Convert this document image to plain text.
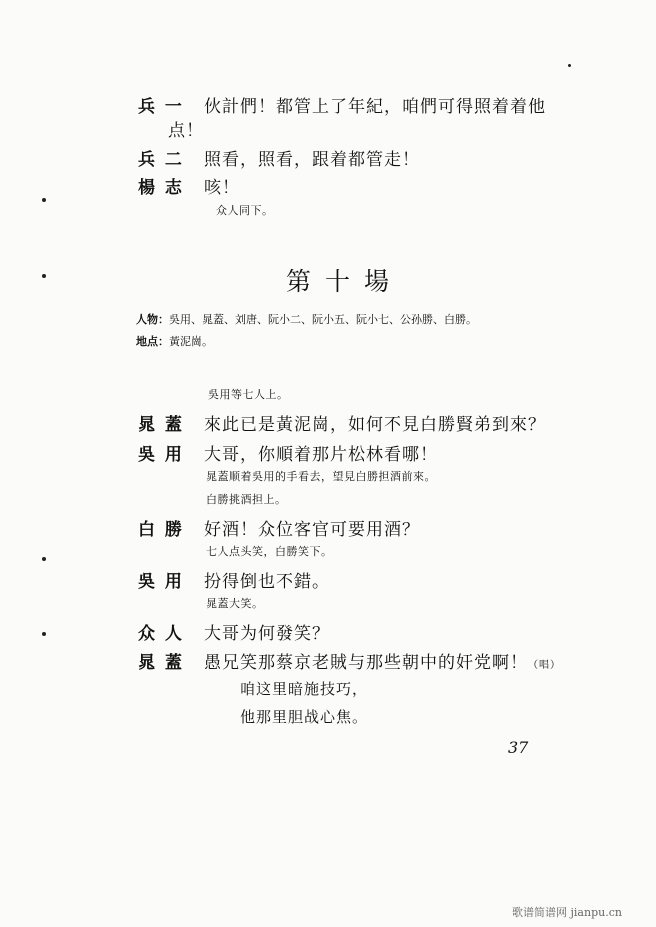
兵 一 伙計們！都管上了年紀，咱們可得照着着他
点！
兵 二 照看，照看，跟着都管走！
楊 志 咳！
众人同下。
第十場
人物：吳用、晁蓋、刘唐、阮小二、阮小五、阮小七、公孙勝、白勝。
地点：黃泥崗。
吳用等七人上。
晁 蓋 來此已是黃泥崗，如何不見白勝賢弟到來？
吳 用 大哥，你順着那片松林看哪！
晁蓋顺着吳用的手看去，望見白勝担酒前來。
白勝挑酒担上。
白 勝 好酒！众位客官可要用酒？
七人点头笑，白勝笑下。
吳 用 扮得倒也不錯。
晁蓋大笑。
众 人 大哥为何發笑？
晁 蓋 愚兄笑那蔡京老賊与那些朝中的奸党啊！（唱）
咱这里暗施技巧，
他那里胆战心焦。
37
歌谱简谱网 jianpu.cn
